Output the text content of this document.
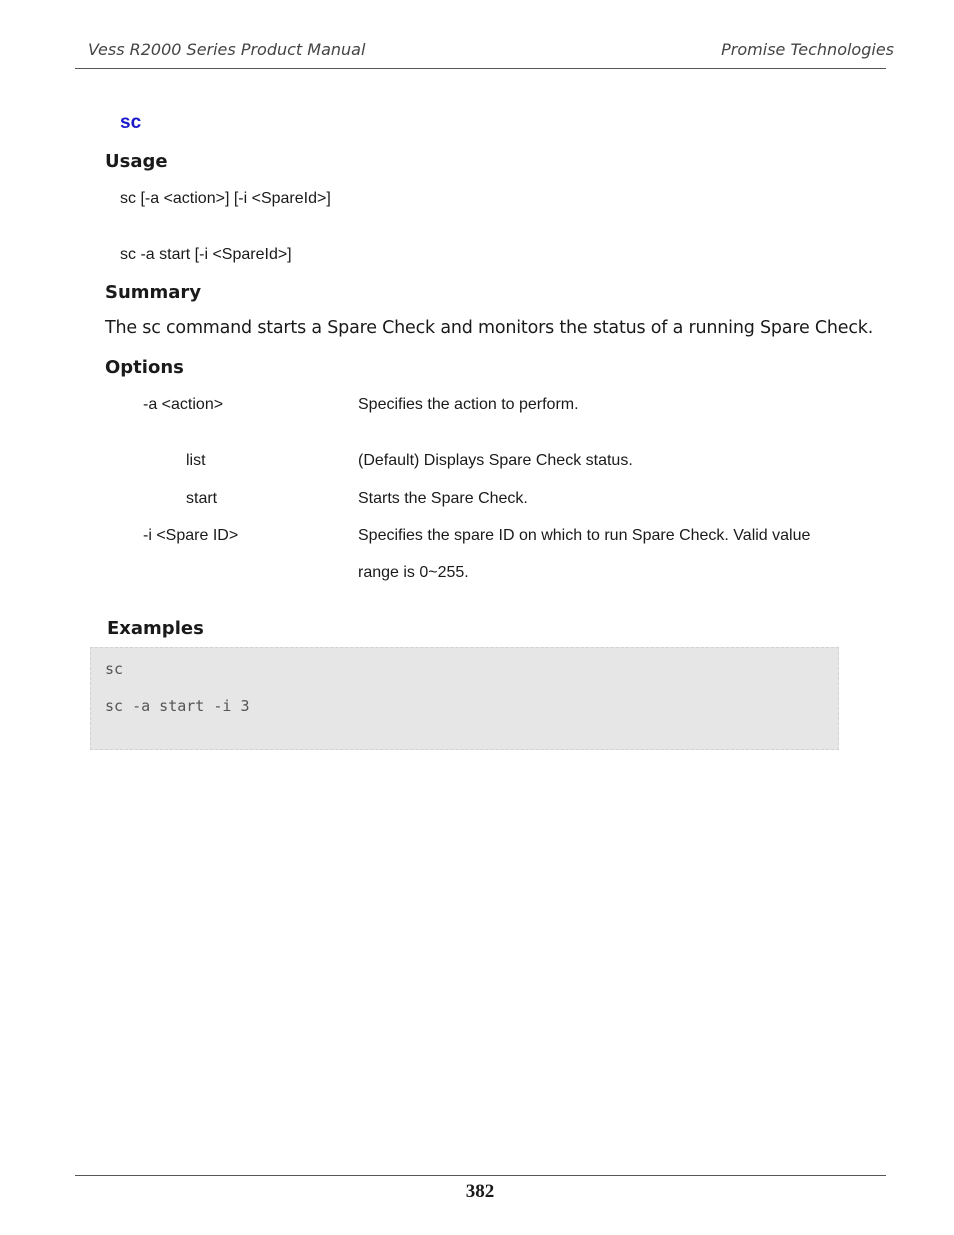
Vess R2000 Series Product Manual	Promise Technologies
sc
Usage
sc [-a <action>] [-i <SpareId>]
sc -a start [-i <SpareId>]
Summary
The sc command starts a Spare Check and monitors the status of a running Spare Check.
Options
-a <action>	Specifies the action to perform.
list	(Default) Displays Spare Check status.
start	Starts the Spare Check.
-i <Spare ID>	Specifies the spare ID on which to run Spare Check. Valid value
range is 0~255.
Examples
sc
sc -a start -i 3
382
